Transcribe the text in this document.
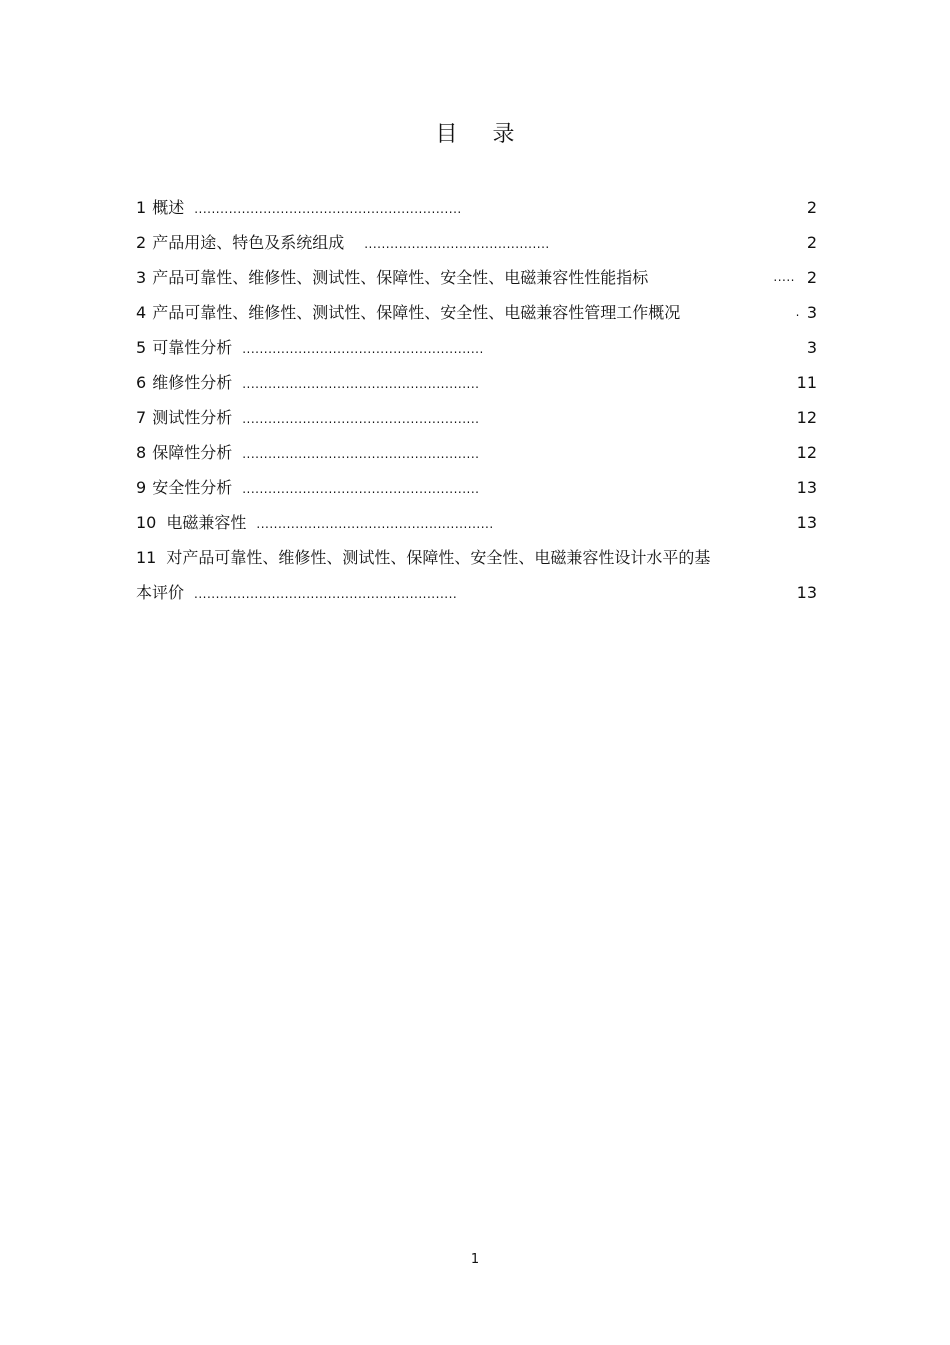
目 录
1 概述 ..............................................................	2
2 产品用途、特色及系统组成 ...........................................	2
3 产品可靠性、维修性、测试性、保障性、安全性、电磁兼容性性能指标	..... 2
4 产品可靠性、维修性、测试性、保障性、安全性、电磁兼容性管理工作概况	. 3
5 可靠性分析 ........................................................	3
6 维修性分析 .......................................................	11
7 测试性分析 .......................................................	12
8 保障性分析 .......................................................	12
9 安全性分析 .......................................................	13
10 电磁兼容性 .......................................................	13
11 对产品可靠性、维修性、测试性、保障性、安全性、电磁兼容性设计水平的基
本评价 .............................................................	13
1
